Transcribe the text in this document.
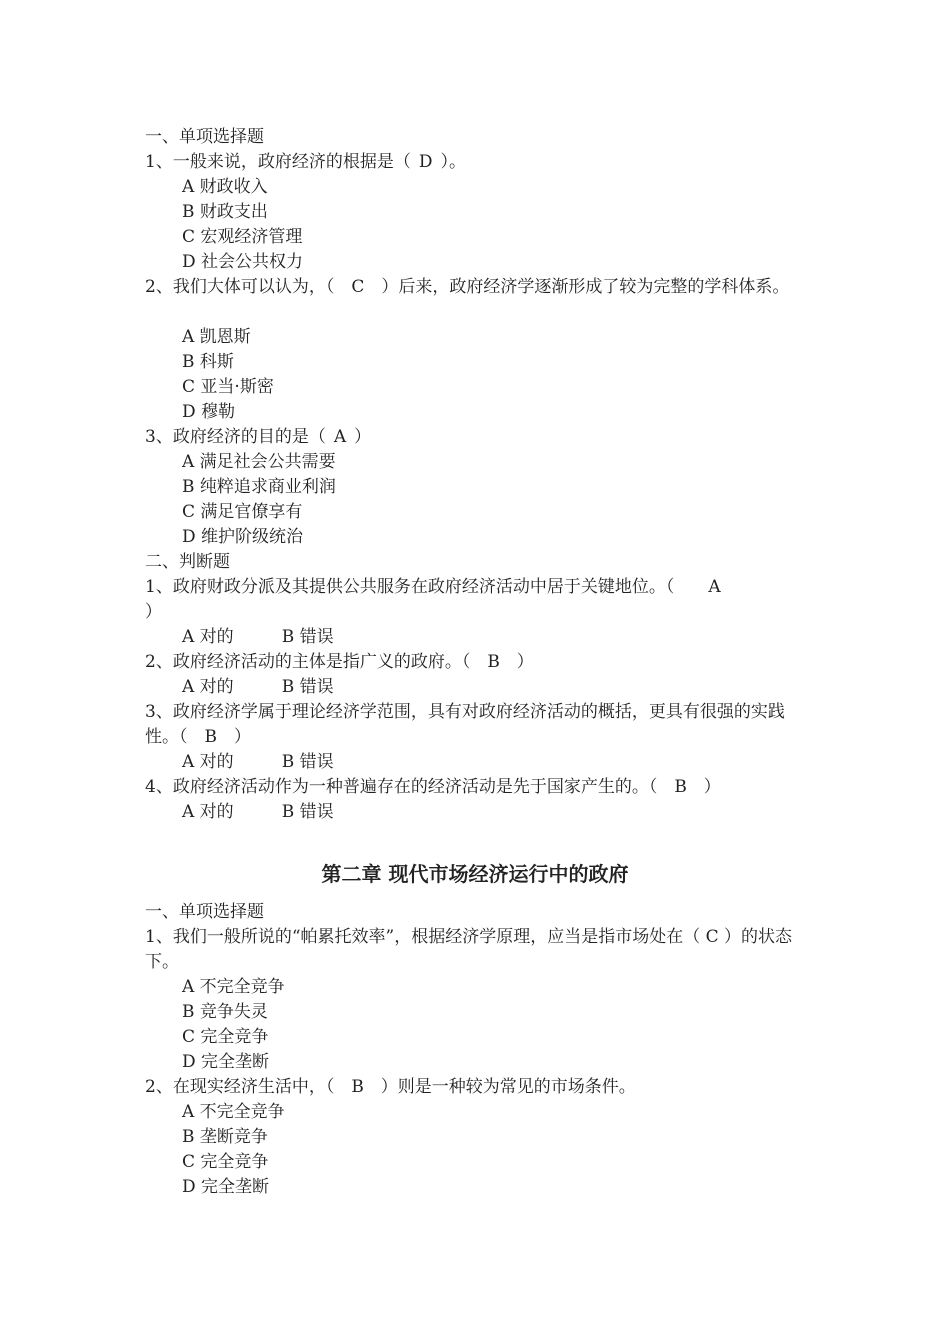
一、单项选择题
1、一般来说，政府经济的根据是（ D ）。
A 财政收入
B 财政支出
C 宏观经济管理
D 社会公共权力
2、我们大体可以认为，（　C　）后来，政府经济学逐渐形成了较为完整的学科体系。
A 凯恩斯
B 科斯
C 亚当·斯密
D 穆勒
3、政府经济的目的是（ A ）
A 满足社会公共需要
B 纯粹追求商业利润
C 满足官僚享有
D 维护阶级统治
二、判断题
1、政府财政分派及其提供公共服务在政府经济活动中居于关键地位。（　　A
）
A 对的	B 错误
2、政府经济活动的主体是指广义的政府。（　B　）
A 对的	B 错误
3、政府经济学属于理论经济学范围，具有对政府经济活动的概括，更具有很强的实践性。（　B　）
A 对的	B 错误
4、政府经济活动作为一种普遍存在的经济活动是先于国家产生的。（　B　）
A 对的	B 错误
第二章 现代市场经济运行中的政府
一、单项选择题
1、我们一般所说的“帕累托效率”，根据经济学原理，应当是指市场处在（ C ）的状态下。
A 不完全竞争
B 竞争失灵
C 完全竞争
D 完全垄断
2、在现实经济生活中，（　B　）则是一种较为常见的市场条件。
A 不完全竞争
B 垄断竞争
C 完全竞争
D 完全垄断
